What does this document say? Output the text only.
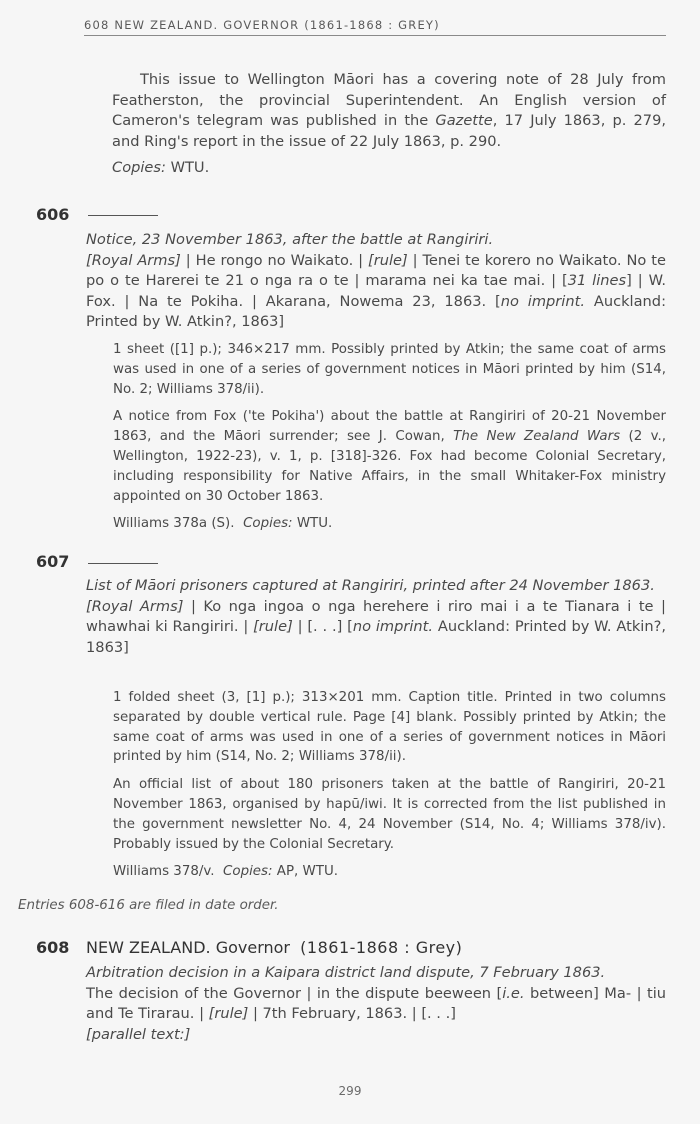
608 NEW ZEALAND. GOVERNOR (1861-1868 : GREY)

This issue to Wellington Māori has a covering note of 28 July from Featherston, the provincial Superintendent. An English version of Cameron's telegram was published in the Gazette, 17 July 1863, p. 279, and Ring's report in the issue of 22 July 1863, p. 290.

Copies: WTU.

606

Notice, 23 November 1863, after the battle at Rangiriri.

[Royal Arms] | He rongo no Waikato. | [rule] | Tenei te korero no Waikato. No te po o te Harerei te 21 o nga ra o te | marama nei ka tae mai. | [31 lines] | W. Fox. | Na te Pokiha. | Akarana, Nowema 23, 1863. [no imprint. Auckland: Printed by W. Atkin?, 1863]

1 sheet ([1] p.); 346×217 mm. Possibly printed by Atkin; the same coat of arms was used in one of a series of government notices in Māori printed by him (S14, No. 2; Williams 378/ii).

A notice from Fox ('te Pokiha') about the battle at Rangiriri of 20-21 November 1863, and the Māori surrender; see J. Cowan, The New Zealand Wars (2 v., Wellington, 1922-23), v. 1, p. [318]-326. Fox had become Colonial Secretary, including responsibility for Native Affairs, in the small Whitaker-Fox ministry appointed on 30 October 1863.

Williams 378a (S). Copies: WTU.

607

List of Māori prisoners captured at Rangiriri, printed after 24 November 1863.

[Royal Arms] | Ko nga ingoa o nga herehere i riro mai i a te Tianara i te | whawhai ki Rangiriri. | [rule] | [. . .] [no imprint. Auckland: Printed by W. Atkin?, 1863]

1 folded sheet (3, [1] p.); 313×201 mm. Caption title. Printed in two columns separated by double vertical rule. Page [4] blank. Possibly printed by Atkin; the same coat of arms was used in one of a series of government notices in Māori printed by him (S14, No. 2; Williams 378/ii).

An official list of about 180 prisoners taken at the battle of Rangiriri, 20-21 November 1863, organised by hapū/iwi. It is corrected from the list published in the government newsletter No. 4, 24 November (S14, No. 4; Williams 378/iv). Probably issued by the Colonial Secretary.

Williams 378/v. Copies: AP, WTU.

Entries 608-616 are filed in date order.
608 NEW ZEALAND. Governor (1861-1868 : Grey)

Arbitration decision in a Kaipara district land dispute, 7 February 1863.

The decision of the Governor | in the dispute beeween [i.e. between] Ma- | tiu and Te Tirarau. | [rule] | 7th February, 1863. | [. . .]

[parallel text:]

299
